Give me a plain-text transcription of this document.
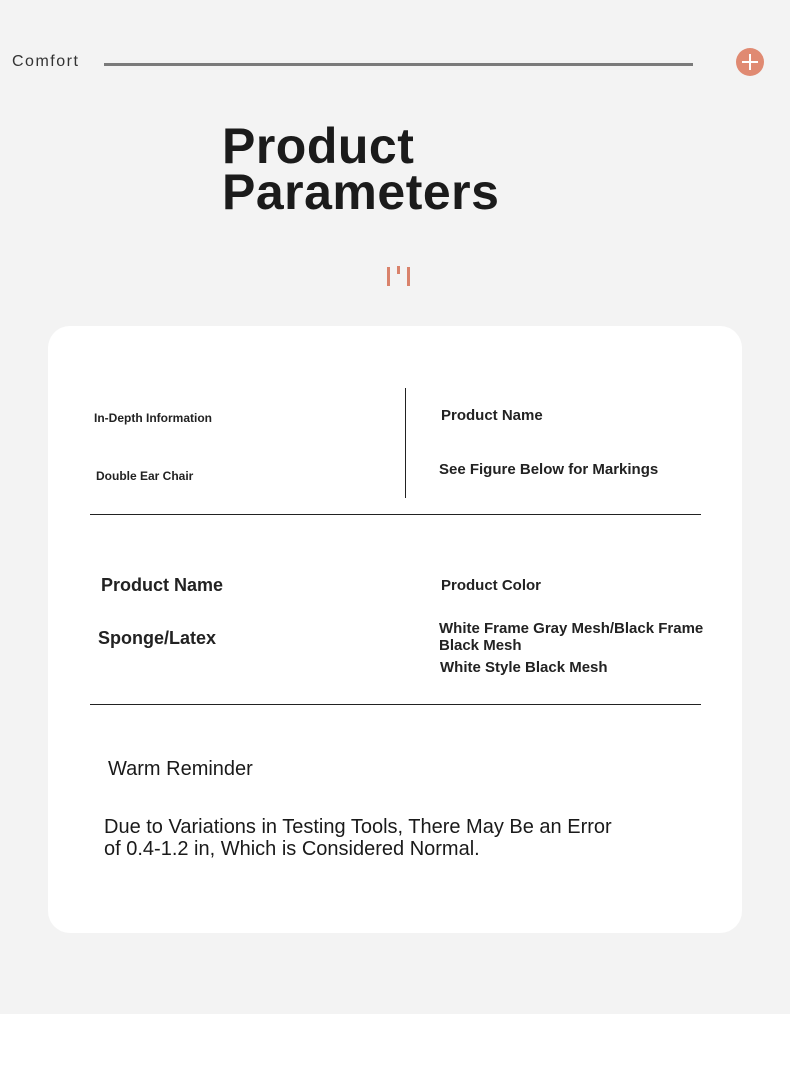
Comfort
Product
Parameters
In-Depth Information
Double Ear Chair
Product Name
See Figure Below for Markings
Product Name
Sponge/Latex
Product Color
White Frame Gray Mesh/Black Frame Black Mesh
White Style Black Mesh
Warm Reminder
Due to Variations in Testing Tools, There May Be an Error of 0.4-1.2 in, Which is Considered Normal.
